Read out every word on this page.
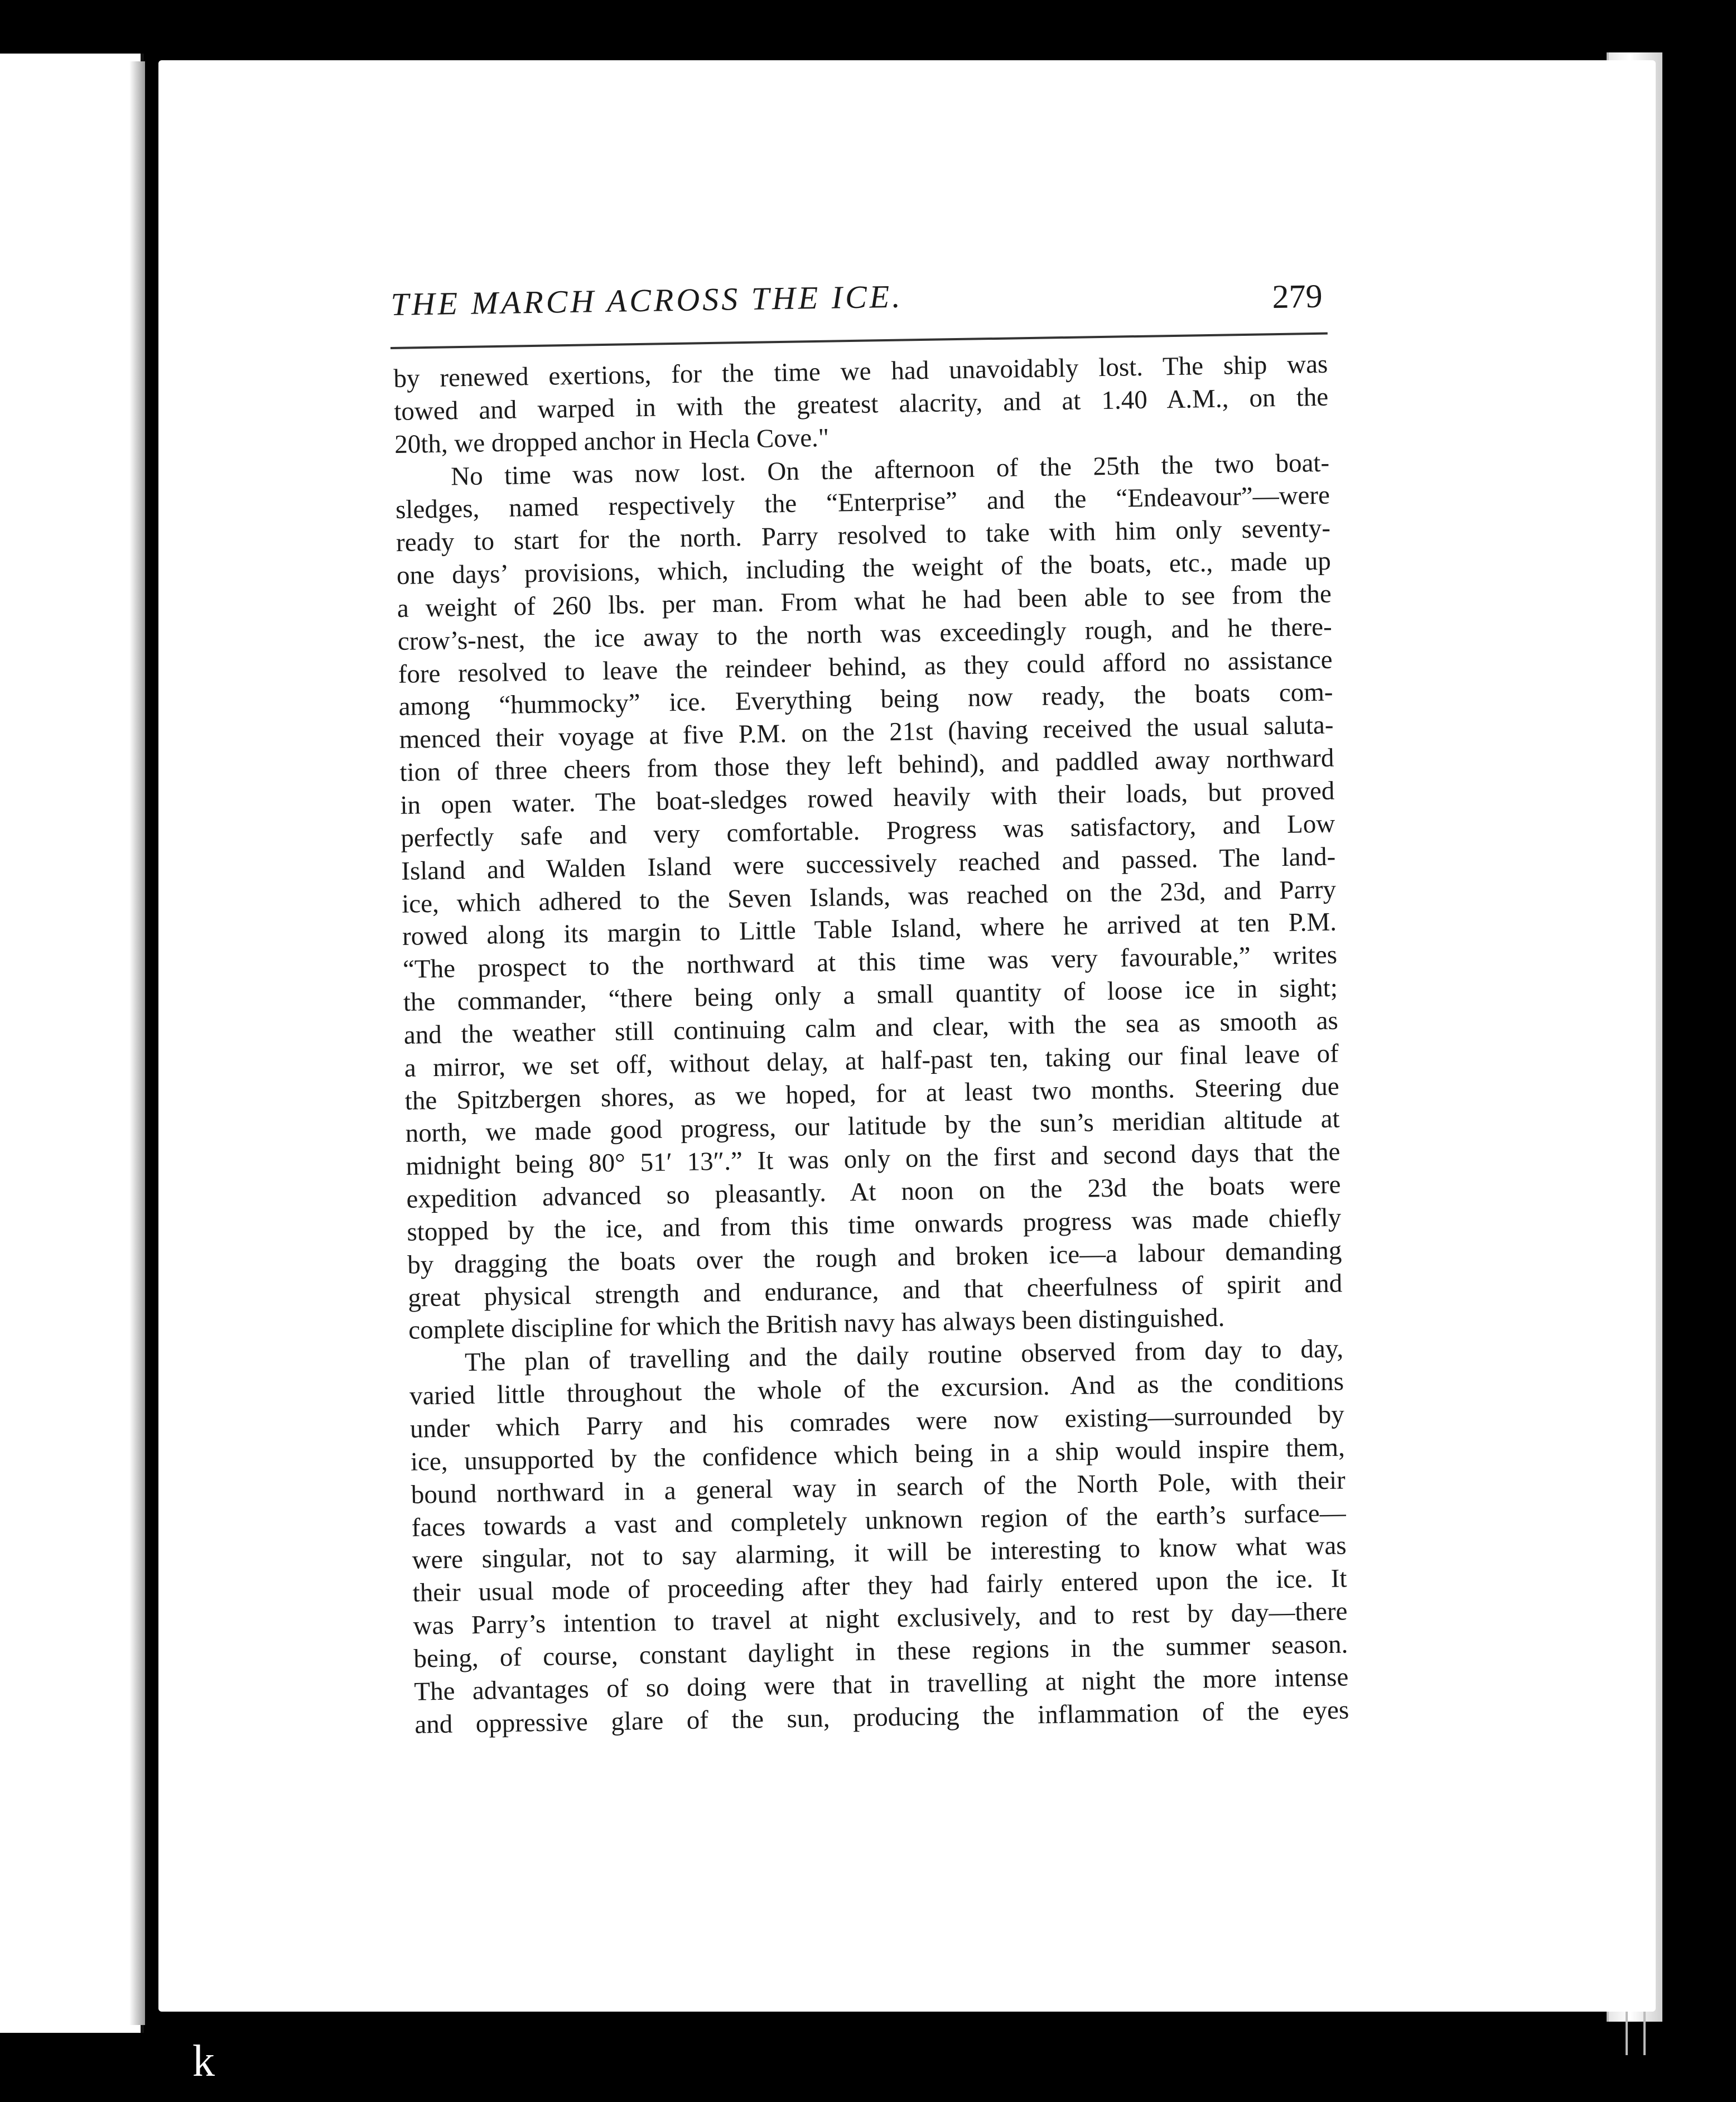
THE MARCH ACROSS THE ICE.	279
by renewed exertions, for the time we had unavoidably lost. The ship was
towed and warped in with the greatest alacrity, and at 1.40 A.M., on the
20th, we dropped anchor in Hecla Cove."
No time was now lost. On the afternoon of the 25th the two boat-
sledges, named respectively the “Enterprise” and the “Endeavour”—were
ready to start for the north. Parry resolved to take with him only seventy-
one days’ provisions, which, including the weight of the boats, etc., made up
a weight of 260 lbs. per man. From what he had been able to see from the
crow’s-nest, the ice away to the north was exceedingly rough, and he there-
fore resolved to leave the reindeer behind, as they could afford no assistance
among “hummocky” ice. Everything being now ready, the boats com-
menced their voyage at five P.M. on the 21st (having received the usual saluta-
tion of three cheers from those they left behind), and paddled away northward
in open water. The boat-sledges rowed heavily with their loads, but proved
perfectly safe and very comfortable. Progress was satisfactory, and Low
Island and Walden Island were successively reached and passed. The land-
ice, which adhered to the Seven Islands, was reached on the 23d, and Parry
rowed along its margin to Little Table Island, where he arrived at ten P.M.
“The prospect to the northward at this time was very favourable,” writes
the commander, “there being only a small quantity of loose ice in sight;
and the weather still continuing calm and clear, with the sea as smooth as
a mirror, we set off, without delay, at half-past ten, taking our final leave of
the Spitzbergen shores, as we hoped, for at least two months. Steering due
north, we made good progress, our latitude by the sun’s meridian altitude at
midnight being 80° 51′ 13″.” It was only on the first and second days that the
expedition advanced so pleasantly. At noon on the 23d the boats were
stopped by the ice, and from this time onwards progress was made chiefly
by dragging the boats over the rough and broken ice—a labour demanding
great physical strength and endurance, and that cheerfulness of spirit and
complete discipline for which the British navy has always been distinguished.
The plan of travelling and the daily routine observed from day to day,
varied little throughout the whole of the excursion. And as the conditions
under which Parry and his comrades were now existing—surrounded by
ice, unsupported by the confidence which being in a ship would inspire them,
bound northward in a general way in search of the North Pole, with their
faces towards a vast and completely unknown region of the earth’s surface—
were singular, not to say alarming, it will be interesting to know what was
their usual mode of proceeding after they had fairly entered upon the ice. It
was Parry’s intention to travel at night exclusively, and to rest by day—there
being, of course, constant daylight in these regions in the summer season.
The advantages of so doing were that in travelling at night the more intense
and oppressive glare of the sun, producing the inflammation of the eyes
k
